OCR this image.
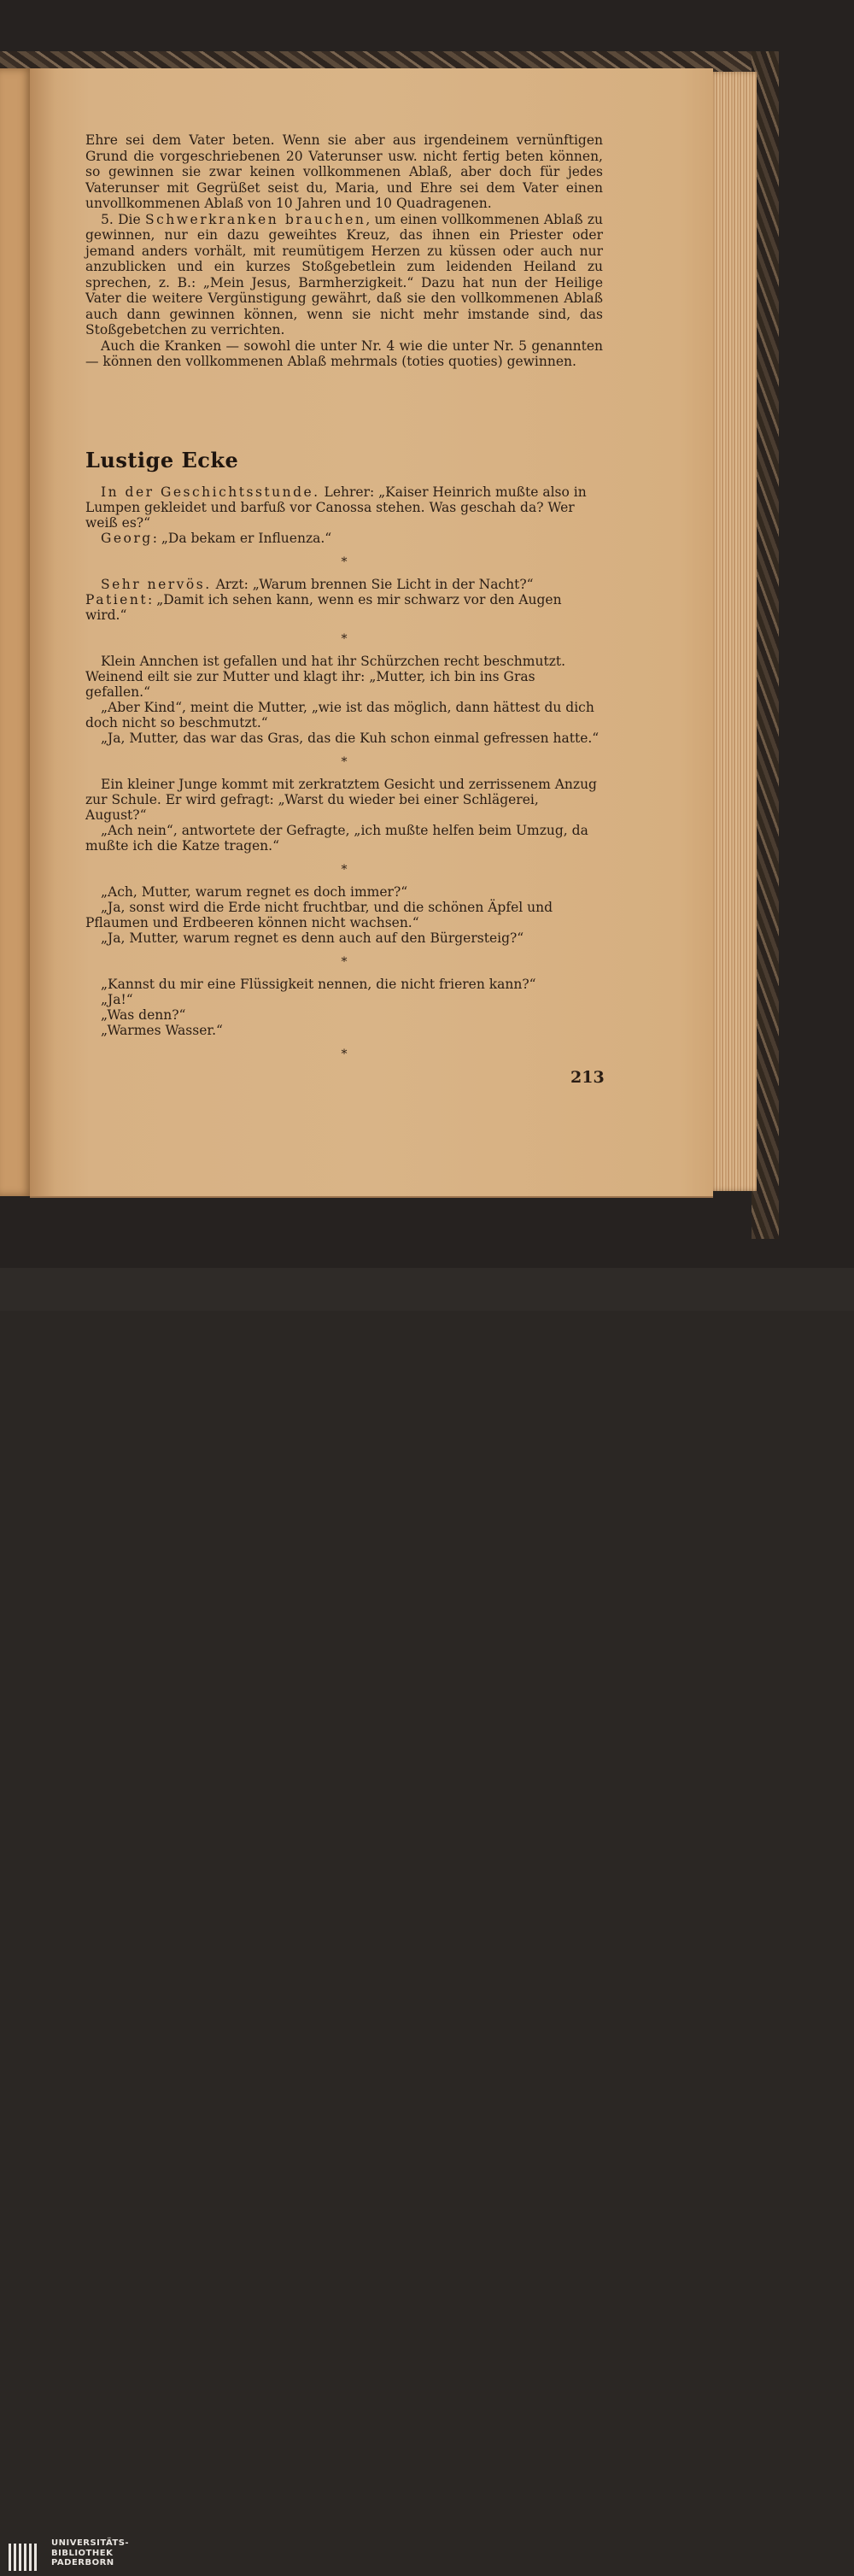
Ehre sei dem Vater beten. Wenn sie aber aus irgendeinem vernünftigen Grund die vorgeschriebenen 20 Vaterunser usw. nicht fertig beten können, so gewinnen sie zwar keinen vollkommenen Ablaß, aber doch für jedes Vaterunser mit Gegrüßet seist du, Maria, und Ehre sei dem Vater einen unvollkommenen Ablaß von 10 Jahren und 10 Quadragenen.

5. Die Schwerkranken brauchen, um einen vollkommenen Ablaß zu gewinnen, nur ein dazu geweihtes Kreuz, das ihnen ein Priester oder jemand anders vorhält, mit reumütigem Herzen zu küssen oder auch nur anzublicken und ein kurzes Stoßgebetlein zum leidenden Heiland zu sprechen, z. B.: „Mein Jesus, Barmherzigkeit.“ Dazu hat nun der Heilige Vater die weitere Vergünstigung gewährt, daß sie den vollkommenen Ablaß auch dann gewinnen können, wenn sie nicht mehr imstande sind, das Stoßgebetchen zu verrichten.

Auch die Kranken — sowohl die unter Nr. 4 wie die unter Nr. 5 genannten — können den vollkommenen Ablaß mehrmals (toties quoties) gewinnen.

Lustige Ecke

In der Geschichtsstunde. Lehrer: „Kaiser Heinrich mußte also in Lumpen gekleidet und barfuß vor Canossa stehen. Was geschah da? Wer weiß es?“

Georg: „Da bekam er Influenza.“

*

Sehr nervös. Arzt: „Warum brennen Sie Licht in der Nacht?“

Patient: „Damit ich sehen kann, wenn es mir schwarz vor den Augen wird.“

*

Klein Annchen ist gefallen und hat ihr Schürzchen recht beschmutzt. Weinend eilt sie zur Mutter und klagt ihr: „Mutter, ich bin ins Gras gefallen.“

„Aber Kind“, meint die Mutter, „wie ist das möglich, dann hättest du dich doch nicht so beschmutzt.“

„Ja, Mutter, das war das Gras, das die Kuh schon einmal gefressen hatte.“

*

Ein kleiner Junge kommt mit zerkratztem Gesicht und zerrissenem Anzug zur Schule. Er wird gefragt: „Warst du wieder bei einer Schlägerei, August?“

„Ach nein“, antwortete der Gefragte, „ich mußte helfen beim Umzug, da mußte ich die Katze tragen.“

*

„Ach, Mutter, warum regnet es doch immer?“

„Ja, sonst wird die Erde nicht fruchtbar, und die schönen Äpfel und Pflaumen und Erdbeeren können nicht wachsen.“

„Ja, Mutter, warum regnet es denn auch auf den Bürgersteig?“

*

„Kannst du mir eine Flüssigkeit nennen, die nicht frieren kann?“

„Ja!“

„Was denn?“

„Warmes Wasser.“

*

213
UNIVERSITÄTS-
BIBLIOTHEK
PADERBORN
